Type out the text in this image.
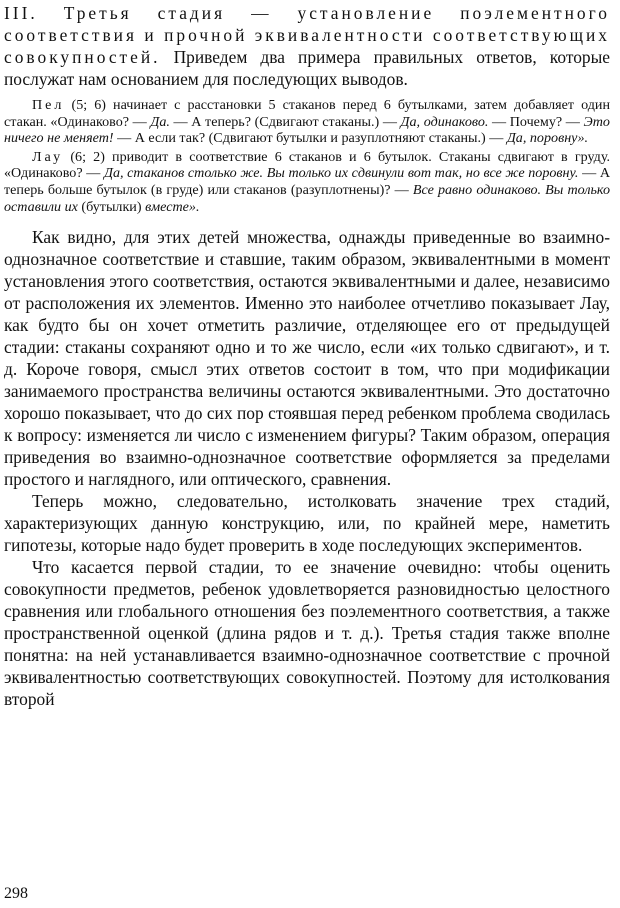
III. Третья стадия — установление поэлементного соответствия и прочной эквивалентности соответствующих совокупностей. Приведем два примера правильных ответов, которые послужат нам основанием для последующих выводов.

Пел (5; 6) начинает с расстановки 5 стаканов перед 6 бутылками, затем добавляет один стакан. «Одинаково? — Да. — А теперь? (Сдвигают стаканы.) — Да, одинаково. — Почему? — Это ничего не меняет! — А если так? (Сдвигают бутылки и разуплотняют стаканы.) — Да, поровну».

Лау (6; 2) приводит в соответствие 6 стаканов и 6 бутылок. Стаканы сдвигают в груду. «Одинаково? — Да, стаканов столько же. Вы только их сдвинули вот так, но все же поровну. — А теперь больше бутылок (в груде) или стаканов (разуплотнены)? — Все равно одинаково. Вы только оставили их (бутылки) вместе».

Как видно, для этих детей множества, однажды приведенные во взаимно-однозначное соответствие и ставшие, таким образом, эквивалентными в момент установления этого соответствия, остаются эквивалентными и далее, независимо от расположения их элементов. Именно это наиболее отчетливо показывает Лау, как будто бы он хочет отметить различие, отделяющее его от предыдущей стадии: стаканы сохраняют одно и то же число, если «их только сдвигают», и т. д. Короче говоря, смысл этих ответов состоит в том, что при модификации занимаемого пространства величины остаются эквивалентными. Это достаточно хорошо показывает, что до сих пор стоявшая перед ребенком проблема сводилась к вопросу: изменяется ли число с изменением фигуры? Таким образом, операция приведения во взаимно-однозначное соответствие оформляется за пределами простого и наглядного, или оптического, сравнения.

Теперь можно, следовательно, истолковать значение трех стадий, характеризующих данную конструкцию, или, по крайней мере, наметить гипотезы, которые надо будет проверить в ходе последующих экспериментов.

Что касается первой стадии, то ее значение очевидно: чтобы оценить совокупности предметов, ребенок удовлетворяется разновидностью целостного сравнения или глобального отношения без поэлементного соответствия, а также пространственной оценкой (длина рядов и т. д.). Третья стадия также вполне понятна: на ней устанавливается взаимно-однозначное соответствие с прочной эквивалентностью соответствующих совокупностей. Поэтому для истолкования второй

298
